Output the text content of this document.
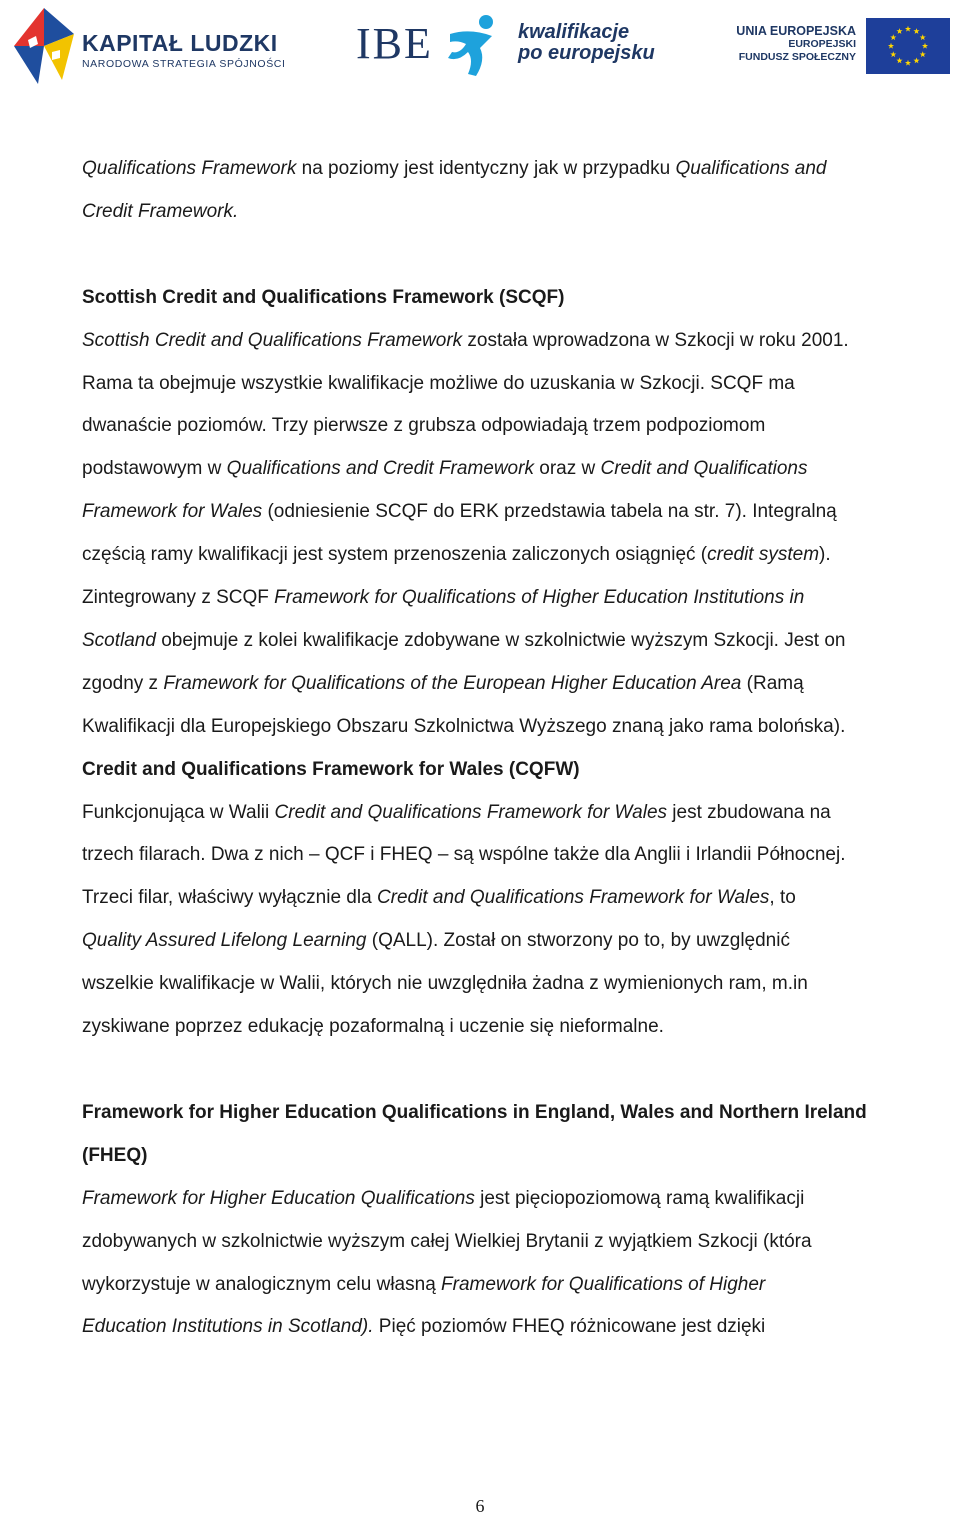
KAPITAŁ LUDZKI
NARODOWA STRATEGIA SPÓJNOŚCI IBE	kwalifikacje
po europejsku
UNIA EUROPEJSKA
EUROPEJSKI
FUNDUSZ SPOŁECZNY

Qualifications Framework na poziomy jest identyczny jak w przypadku Qualifications and

Credit Framework.

Scottish Credit and Qualifications Framework (SCQF)

Scottish Credit and Qualifications Framework została wprowadzona w Szkocji w roku 2001.

Rama ta obejmuje wszystkie kwalifikacje możliwe do uzuskania w Szkocji. SCQF ma

dwanaście poziomów. Trzy pierwsze z grubsza odpowiadają trzem podpoziomom

podstawowym w Qualifications and Credit Framework oraz w Credit and Qualifications

Framework for Wales (odniesienie SCQF do ERK przedstawia tabela na str. 7). Integralną

częścią ramy kwalifikacji jest system przenoszenia zaliczonych osiągnięć (credit system).

Zintegrowany z SCQF Framework for Qualifications of Higher Education Institutions in

Scotland obejmuje z kolei kwalifikacje zdobywane w szkolnictwie wyższym Szkocji. Jest on

zgodny z Framework for Qualifications of the European Higher Education Area (Ramą

Kwalifikacji dla Europejskiego Obszaru Szkolnictwa Wyższego znaną jako rama bolońska).

Credit and Qualifications Framework for Wales (CQFW)

Funkcjonująca w Walii Credit and Qualifications Framework for Wales jest zbudowana na

trzech filarach. Dwa z nich – QCF i FHEQ – są wspólne także dla Anglii i Irlandii Północnej.

Trzeci filar, właściwy wyłącznie dla Credit and Qualifications Framework for Wales, to

Quality Assured Lifelong Learning (QALL). Został on stworzony po to, by uwzględnić

wszelkie kwalifikacje w Walii, których nie uwzględniła żadna z wymienionych ram, m.in

zyskiwane poprzez edukację pozaformalną i uczenie się nieformalne.

Framework for Higher Education Qualifications in England, Wales and Northern Ireland

(FHEQ)

Framework for Higher Education Qualifications jest pięciopoziomową ramą kwalifikacji

zdobywanych w szkolnictwie wyższym całej Wielkiej Brytanii z wyjątkiem Szkocji (która

wykorzystuje w analogicznym celu własną Framework for Qualifications of Higher

Education Institutions in Scotland). Pięć poziomów FHEQ różnicowane jest dzięki

6
